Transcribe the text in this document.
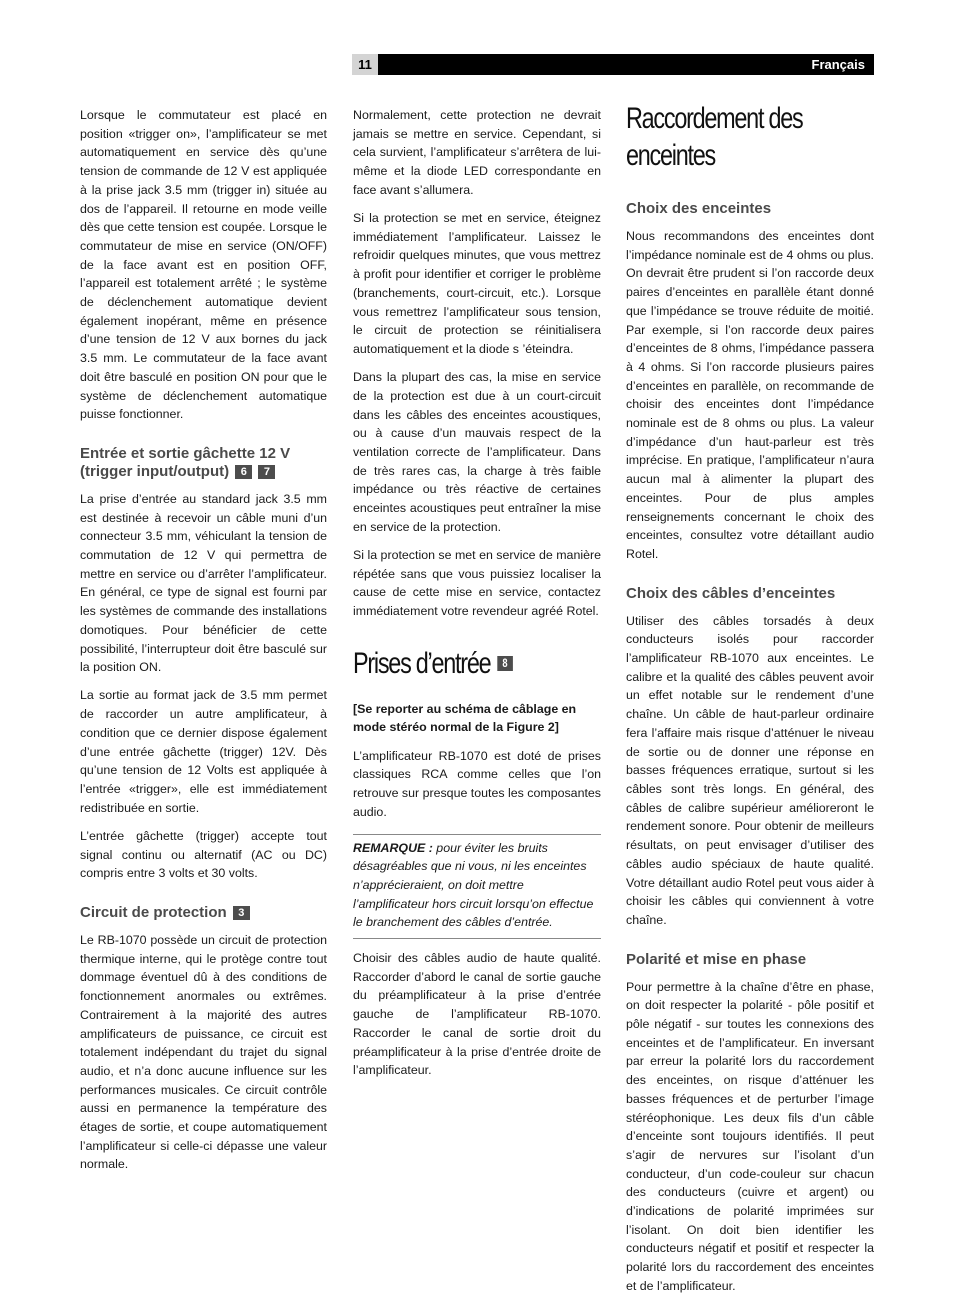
11	Français

Lorsque le commutateur est placé en position «trigger on», l’amplificateur se met automatiquement en service dès qu’une tension de commande de 12 V est appliquée à la prise jack 3.5 mm (trigger in) située au dos de l’appareil. Il retourne en mode veille dès que cette tension est coupée. Lorsque le commutateur de mise en service (ON/OFF) de la face avant est en position OFF, l’appareil est totalement arrêté ; le système de déclenchement automatique devient également inopérant, même en présence d’une tension de 12 V aux bornes du jack 3.5 mm. Le commutateur de la face avant doit être basculé en position ON pour que le système de déclenchement automatique puisse fonctionner.

Entrée et sortie gâchette 12 V (trigger input/output) 6 7

La prise d’entrée au standard jack 3.5 mm est destinée à recevoir un câble muni d’un connecteur 3.5 mm, véhiculant la tension de commutation de 12 V qui permettra de mettre en service ou d’arrêter l’amplificateur. En général, ce type de signal est fourni par les systèmes de commande des installations domotiques. Pour bénéficier de cette possibilité, l’interrupteur doit être basculé sur la position ON.

La sortie au format jack de 3.5 mm permet de raccorder un autre amplificateur, à condition que ce dernier dispose également d’une entrée gâchette (trigger) 12V. Dès qu’une tension de 12 Volts est appliquée à l’entrée «trigger», elle est immédiatement redistribuée en sortie.

L’entrée gâchette (trigger) accepte tout signal continu ou alternatif (AC ou DC) compris entre 3 volts et 30 volts.

Circuit de protection 3

Le RB-1070 possède un circuit de protection thermique interne, qui le protège contre tout dommage éventuel dû à des conditions de fonctionnement anormales ou extrêmes. Contrairement à la majorité des autres amplificateurs de puissance, ce circuit est totalement indépendant du trajet du signal audio, et n’a donc aucune influence sur les performances musicales. Ce circuit contrôle aussi en permanence la température des étages de sortie, et coupe automatiquement l’amplificateur si celle-ci dépasse une valeur normale.

Normalement, cette protection ne devrait jamais se mettre en service. Cependant, si cela survient, l’amplificateur s’arrêtera de lui-même et la diode LED correspondante en face avant s’allumera.

Si la protection se met en service, éteignez immédiatement l’amplificateur. Laissez le refroidir quelques minutes, que vous mettrez à profit pour identifier et corriger le problème (branchements, court-circuit, etc.). Lorsque vous remettrez l’amplificateur sous tension, le circuit de protection se réinitialisera automatiquement et la diode s ’éteindra.

Dans la plupart des cas, la mise en service de la protection est due à un court-circuit dans les câbles des enceintes acoustiques, ou à cause d’un mauvais respect de la ventilation correcte de l’amplificateur. Dans de très rares cas, la charge à très faible impédance ou très réactive de certaines enceintes acoustiques peut entraîner la mise en service de la protection.

Si la protection se met en service de manière répétée sans que vous puissiez localiser la cause de cette mise en service, contactez immédiatement votre revendeur agréé Rotel.

Prises d’entrée 8
[Se reporter au schéma de câblage en mode stéréo normal de la Figure 2]

L’amplificateur RB-1070 est doté de prises classiques RCA comme celles que l’on retrouve sur presque toutes les composantes audio.

REMARQUE : pour éviter les bruits désagréables que ni vous, ni les enceintes n’apprécieraient, on doit mettre l’amplificateur hors circuit lorsqu’on effectue le branchement des câbles d’entrée.

Choisir des câbles audio de haute qualité. Raccorder d’abord le canal de sortie gauche du préamplificateur à la prise d’entrée gauche de l’amplificateur RB-1070. Raccorder le canal de sortie droit du préamplificateur à la prise d’entrée droite de l’amplificateur.

Raccordement des
enceintes
Choix des enceintes

Nous recommandons des enceintes dont l’impédance nominale est de 4 ohms ou plus. On devrait être prudent si l’on raccorde deux paires d’enceintes en parallèle étant donné que l’impédance se trouve réduite de moitié. Par exemple, si l’on raccorde deux paires d’enceintes de 8 ohms, l’impédance passera à 4 ohms. Si l’on raccorde plusieurs paires d’enceintes en parallèle, on recommande de choisir des enceintes dont l’impédance nominale est de 8 ohms ou plus. La valeur d’impédance d’un haut-parleur est très imprécise. En pratique, l’amplificateur n’aura aucun mal à alimenter la plupart des enceintes. Pour de plus amples renseignements concernant le choix des enceintes, consultez votre détaillant audio Rotel.

Choix des câbles d’enceintes

Utiliser des câbles torsadés à deux conducteurs isolés pour raccorder l’amplificateur RB-1070 aux enceintes. Le calibre et la qualité des câbles peuvent avoir un effet notable sur le rendement d’une chaîne. Un câble de haut-parleur ordinaire fera l’affaire mais risque d’atténuer le niveau de sortie ou de donner une réponse en basses fréquences erratique, surtout si les câbles sont très longs. En général, des câbles de calibre supérieur amélioreront le rendement sonore. Pour obtenir de meilleurs résultats, on peut envisager d’utiliser des câbles audio spéciaux de haute qualité. Votre détaillant audio Rotel peut vous aider à choisir les câbles qui conviennent à votre chaîne.

Polarité et mise en phase

Pour permettre à la chaîne d’être en phase, on doit respecter la polarité - pôle positif et pôle négatif - sur toutes les connexions des enceintes et de l’amplificateur. En inversant par erreur la polarité lors du raccordement des enceintes, on risque d’atténuer les basses fréquences et de perturber l’image stéréophonique. Les deux fils d’un câble d’enceinte sont toujours identifiés. Il peut s’agir de nervures sur l’isolant d’un conducteur, d’un code-couleur sur chacun des conducteurs (cuivre et argent) ou d’indications de polarité imprimées sur l’isolant. On doit bien identifier les conducteurs négatif et positif et respecter la polarité lors du raccordement des enceintes et de l’amplificateur.
